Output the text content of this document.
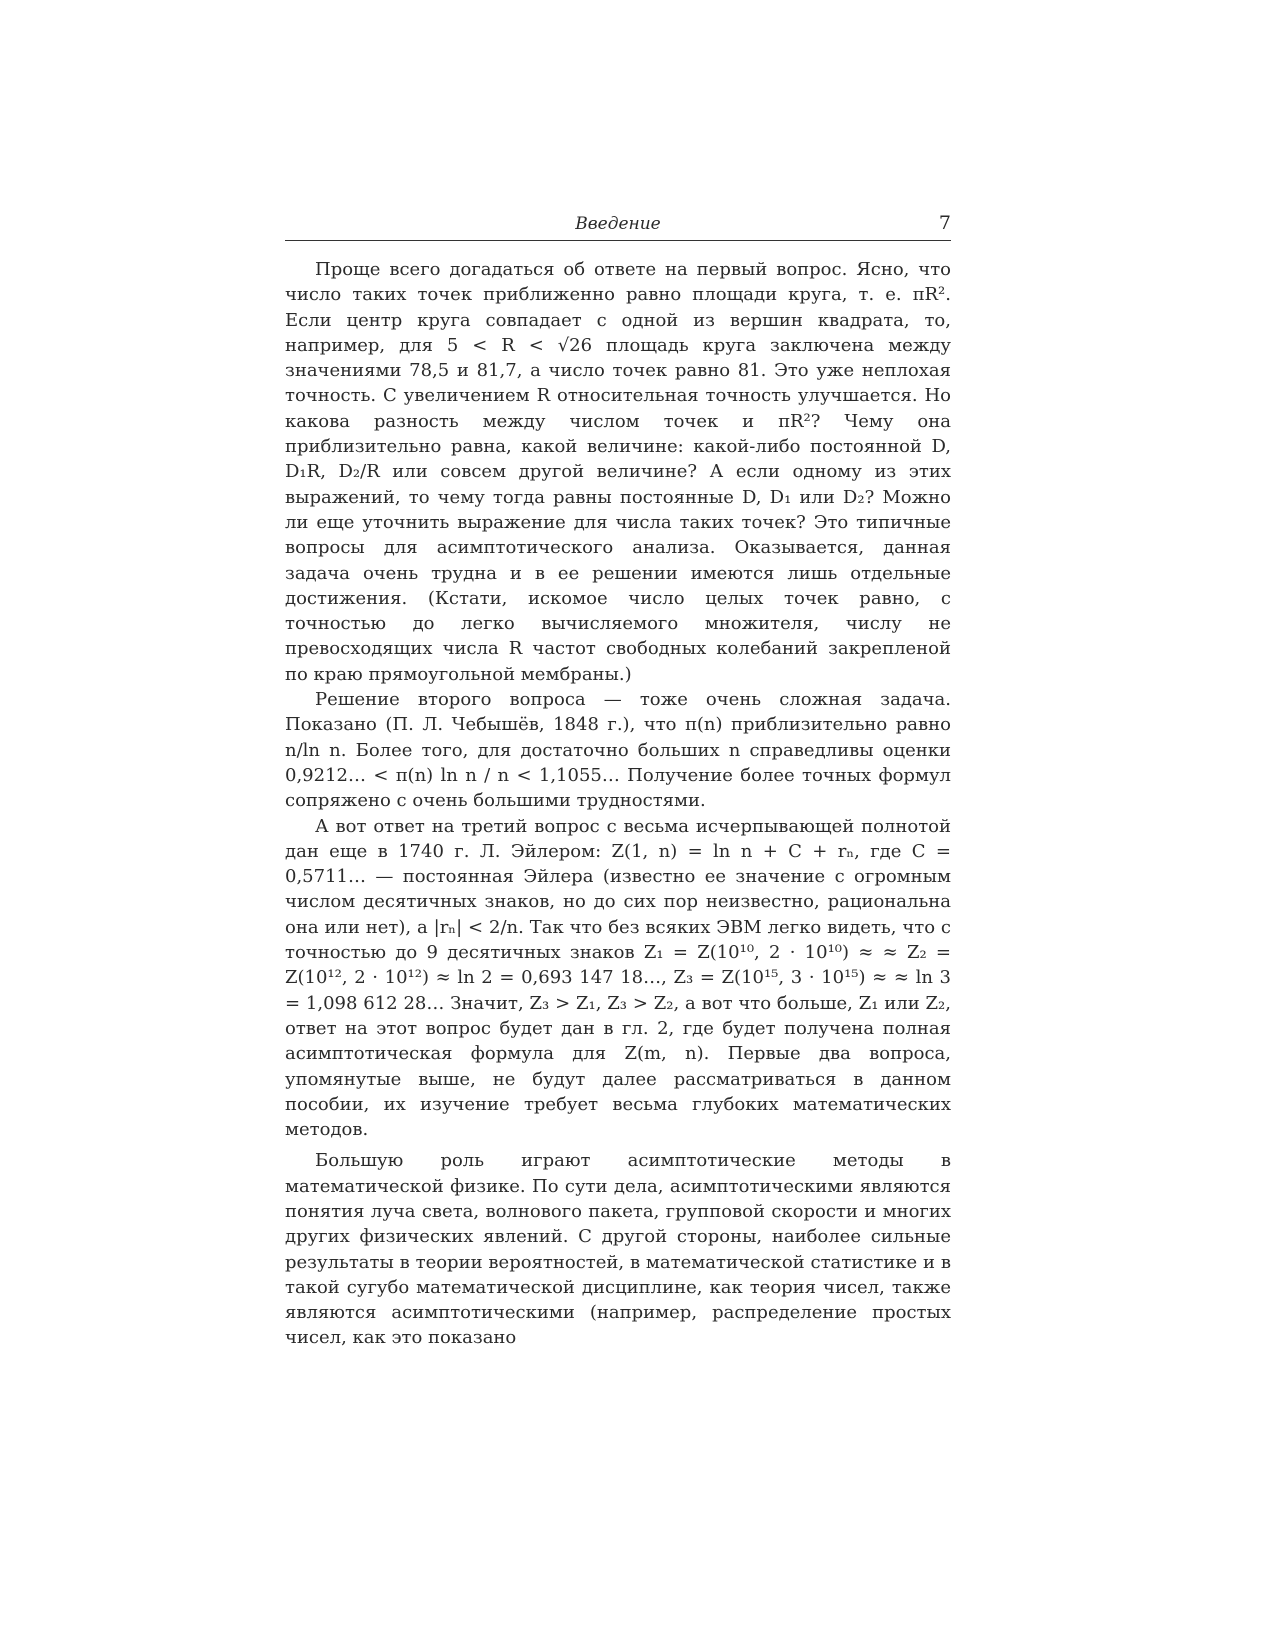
Введение	7

Проще всего догадаться об ответе на первый вопрос. Ясно, что число таких точек приближенно равно площади круга, т. е. πR². Если центр круга совпадает с одной из вершин квадрата, то, например, для 5 < R < √26 площадь круга заключена между значениями 78,5 и 81,7, а число точек равно 81. Это уже неплохая точность. С увеличением R относительная точность улучшается. Но какова разность между числом точек и πR²? Чему она приблизительно равна, какой величине: какой-либо постоянной D, D₁R, D₂/R или совсем другой величине? А если одному из этих выражений, то чему тогда равны постоянные D, D₁ или D₂? Можно ли еще уточнить выражение для числа таких точек? Это типичные вопросы для асимптотического анализа. Оказывается, данная задача очень трудна и в ее решении имеются лишь отдельные достижения. (Кстати, искомое число целых точек равно, с точностью до легко вычисляемого множителя, числу не превосходящих числа R частот свободных колебаний закрепленой по краю прямоугольной мембраны.)

Решение второго вопроса — тоже очень сложная задача. Показано (П. Л. Чебышёв, 1848 г.), что π(n) приблизительно равно n/ln n. Более того, для достаточно больших n справедливы оценки 0,9212… < π(n) ln n / n < 1,1055… Получение более точных формул сопряжено с очень большими трудностями.

А вот ответ на третий вопрос с весьма исчерпывающей полнотой дан еще в 1740 г. Л. Эйлером: Z(1, n) = ln n + C + rₙ, где C = 0,5711… — постоянная Эйлера (известно ее значение с огромным числом десятичных знаков, но до сих пор неизвестно, рациональна она или нет), а |rₙ| < 2/n. Так что без всяких ЭВМ легко видеть, что с точностью до 9 десятичных знаков Z₁ = Z(10¹⁰, 2 · 10¹⁰) ≈ ≈ Z₂ = Z(10¹², 2 · 10¹²) ≈ ln 2 = 0,693 147 18…, Z₃ = Z(10¹⁵, 3 · 10¹⁵) ≈ ≈ ln 3 = 1,098 612 28… Значит, Z₃ > Z₁, Z₃ > Z₂, а вот что больше, Z₁ или Z₂, ответ на этот вопрос будет дан в гл. 2, где будет получена полная асимптотическая формула для Z(m, n). Первые два вопроса, упомянутые выше, не будут далее рассматриваться в данном пособии, их изучение требует весьма глубоких математических методов.

Большую роль играют асимптотические методы в математической физике. По сути дела, асимптотическими являются понятия луча света, волнового пакета, групповой скорости и многих других физических явлений. С другой стороны, наиболее сильные результаты в теории вероятностей, в математической статистике и в такой сугубо математической дисциплине, как теория чисел, также являются асимптотическими (например, распределение простых чисел, как это показано
